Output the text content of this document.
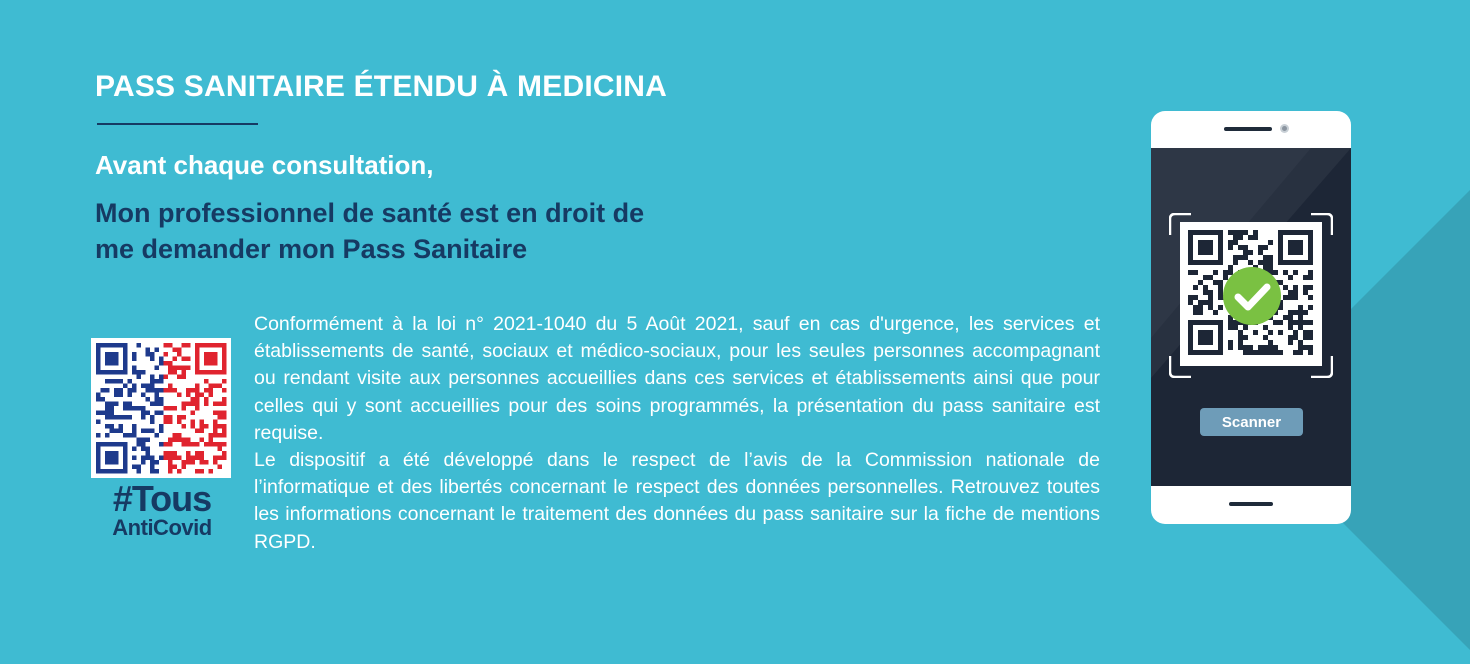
PASS SANITAIRE ÉTENDU À MEDICINA
Avant chaque consultation,
Mon professionnel de santé est en droit de
me demander mon Pass Sanitaire
#Tous
AntiCovid

Conformément à la loi n° 2021-1040 du 5 Août 2021, sauf en cas d'urgence, les services et établissements de santé, sociaux et médico-sociaux, pour les seules personnes accompagnant ou rendant visite aux personnes accueillies dans ces services et établissements ainsi que pour celles qui y sont accueillies pour des soins programmés, la présentation du pass sanitaire est requise.

Le dispositif a été développé dans le respect de l’avis de la Commission nationale de l’informatique et des libertés concernant le respect des données personnelles. Retrouvez toutes les informations concernant le traitement des données du pass sanitaire sur la fiche de mentions RGPD.

Scanner
